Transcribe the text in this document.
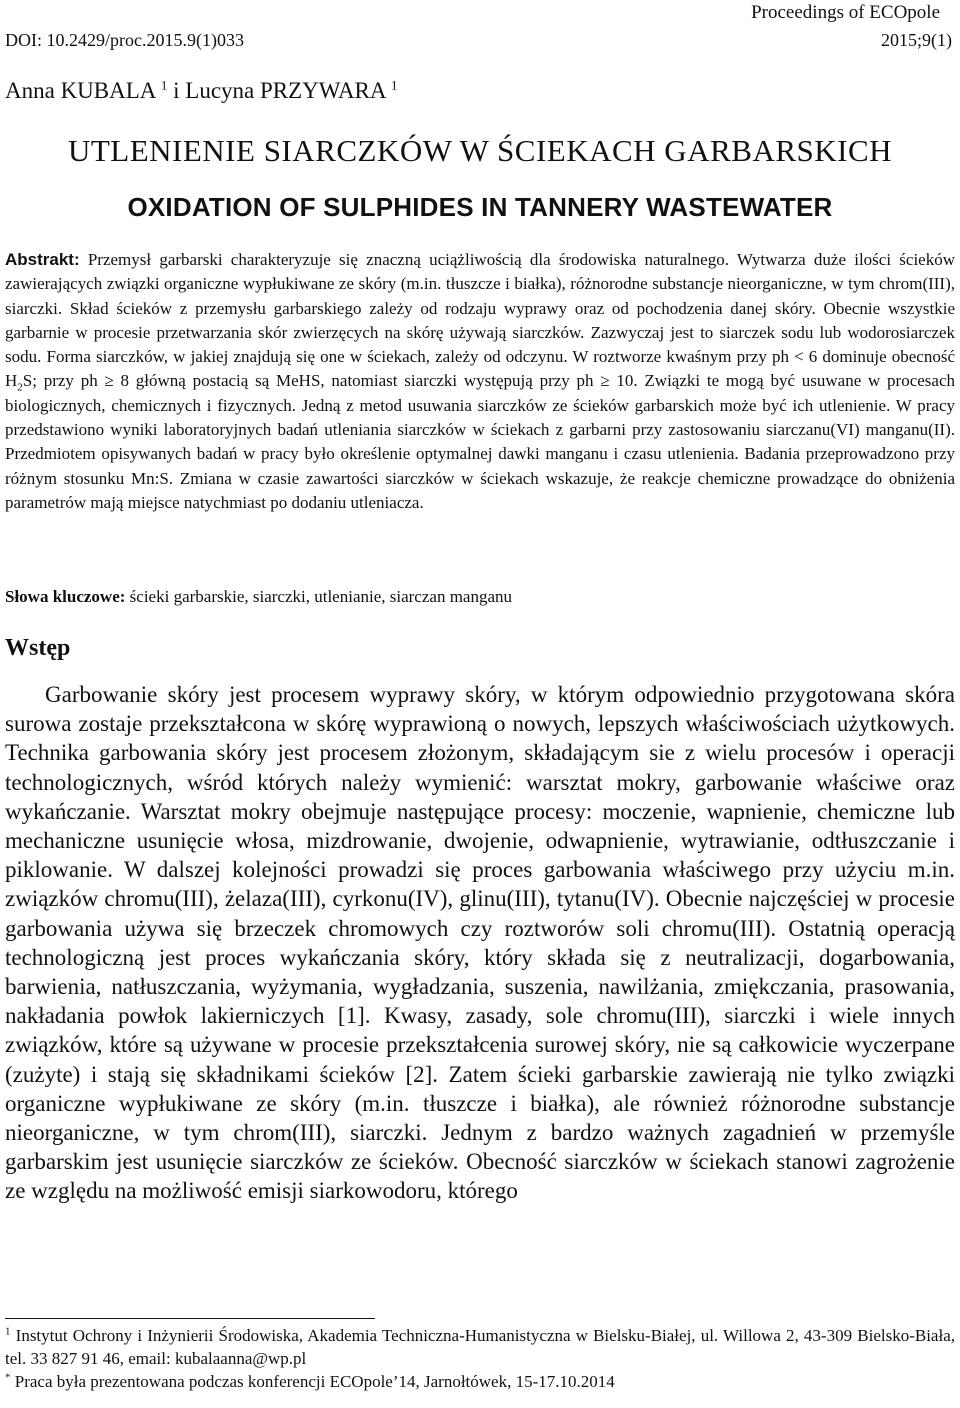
Proceedings of ECOpole
DOI: 10.2429/proc.2015.9(1)033	2015;9(1)
Anna KUBALA $^1$ i Lucyna PRZYWARA $^1$
UTLENIENIE SIARCZKÓW W ŚCIEKACH GARBARSKICH
OXIDATION OF SULPHIDES IN TANNERY WASTEWATER
Abstrakt: Przemysł garbarski charakteryzuje się znaczną uciążliwością dla środowiska naturalnego. Wytwarza duże ilości ścieków zawierających związki organiczne wypłukiwane ze skóry (m.in. tłuszcze i białka), różnorodne substancje nieorganiczne, w tym chrom(III), siarczki. Skład ścieków z przemysłu garbarskiego zależy od rodzaju wyprawy oraz od pochodzenia danej skóry. Obecnie wszystkie garbarnie w procesie przetwarzania skór zwierzęcych na skórę używają siarczków. Zazwyczaj jest to siarczek sodu lub wodorosiarczek sodu. Forma siarczków, w jakiej znajdują się one w ściekach, zależy od odczynu. W roztworze kwaśnym przy ph < 6 dominuje obecność $H_2S$; przy ph ≥ 8 główną postacią są MeHS, natomiast siarczki występują przy ph ≥ 10. Związki te mogą być usuwane w procesach biologicznych, chemicznych i fizycznych. Jedną z metod usuwania siarczków ze ścieków garbarskich może być ich utlenienie. W pracy przedstawiono wyniki laboratoryjnych badań utleniania siarczków w ściekach z garbarni przy zastosowaniu siarczanu(VI) manganu(II). Przedmiotem opisywanych badań w pracy było określenie optymalnej dawki manganu i czasu utlenienia. Badania przeprowadzono przy różnym stosunku Mn:S. Zmiana w czasie zawartości siarczków w ściekach wskazuje, że reakcje chemiczne prowadzące do obniżenia parametrów mają miejsce natychmiast po dodaniu utleniacza.
Słowa kluczowe: ścieki garbarskie, siarczki, utlenianie, siarczan manganu
Wstęp
Garbowanie skóry jest procesem wyprawy skóry, w którym odpowiednio przygotowana skóra surowa zostaje przekształcona w skórę wyprawioną o nowych, lepszych właściwościach użytkowych. Technika garbowania skóry jest procesem złożonym, składającym sie z wielu procesów i operacji technologicznych, wśród których należy wymienić: warsztat mokry, garbowanie właściwe oraz wykańczanie. Warsztat mokry obejmuje następujące procesy: moczenie, wapnienie, chemiczne lub mechaniczne usunięcie włosa, mizdrowanie, dwojenie, odwapnienie, wytrawianie, odtłuszczanie i piklowanie. W dalszej kolejności prowadzi się proces garbowania właściwego przy użyciu m.in. związków chromu(III), żelaza(III), cyrkonu(IV), glinu(III), tytanu(IV). Obecnie najczęściej w procesie garbowania używa się brzeczek chromowych czy roztworów soli chromu(III). Ostatnią operacją technologiczną jest proces wykańczania skóry, który składa się z neutralizacji, dogarbowania, barwienia, natłuszczania, wyżymania, wygładzania, suszenia, nawilżania, zmiękczania, prasowania, nakładania powłok lakierniczych [1]. Kwasy, zasady, sole chromu(III), siarczki i wiele innych związków, które są używane w procesie przekształcenia surowej skóry, nie są całkowicie wyczerpane (zużyte) i stają się składnikami ścieków [2]. Zatem ścieki garbarskie zawierają nie tylko związki organiczne wypłukiwane ze skóry (m.in. tłuszcze i białka), ale również różnorodne substancje nieorganiczne, w tym chrom(III), siarczki. Jednym z bardzo ważnych zagadnień w przemyśle garbarskim jest usunięcie siarczków ze ścieków. Obecność siarczków w ściekach stanowi zagrożenie ze względu na możliwość emisji siarkowodoru, którego

$^1$ Instytut Ochrony i Inżynierii Środowiska, Akademia Techniczna-Humanistyczna w Bielsku-Białej, ul. Willowa 2, 43-309 Bielsko-Biała, tel. 33 827 91 46, email: kubalaanna@wp.pl

* Praca była prezentowana podczas konferencji ECOpole’14, Jarnołtówek, 15-17.10.2014
